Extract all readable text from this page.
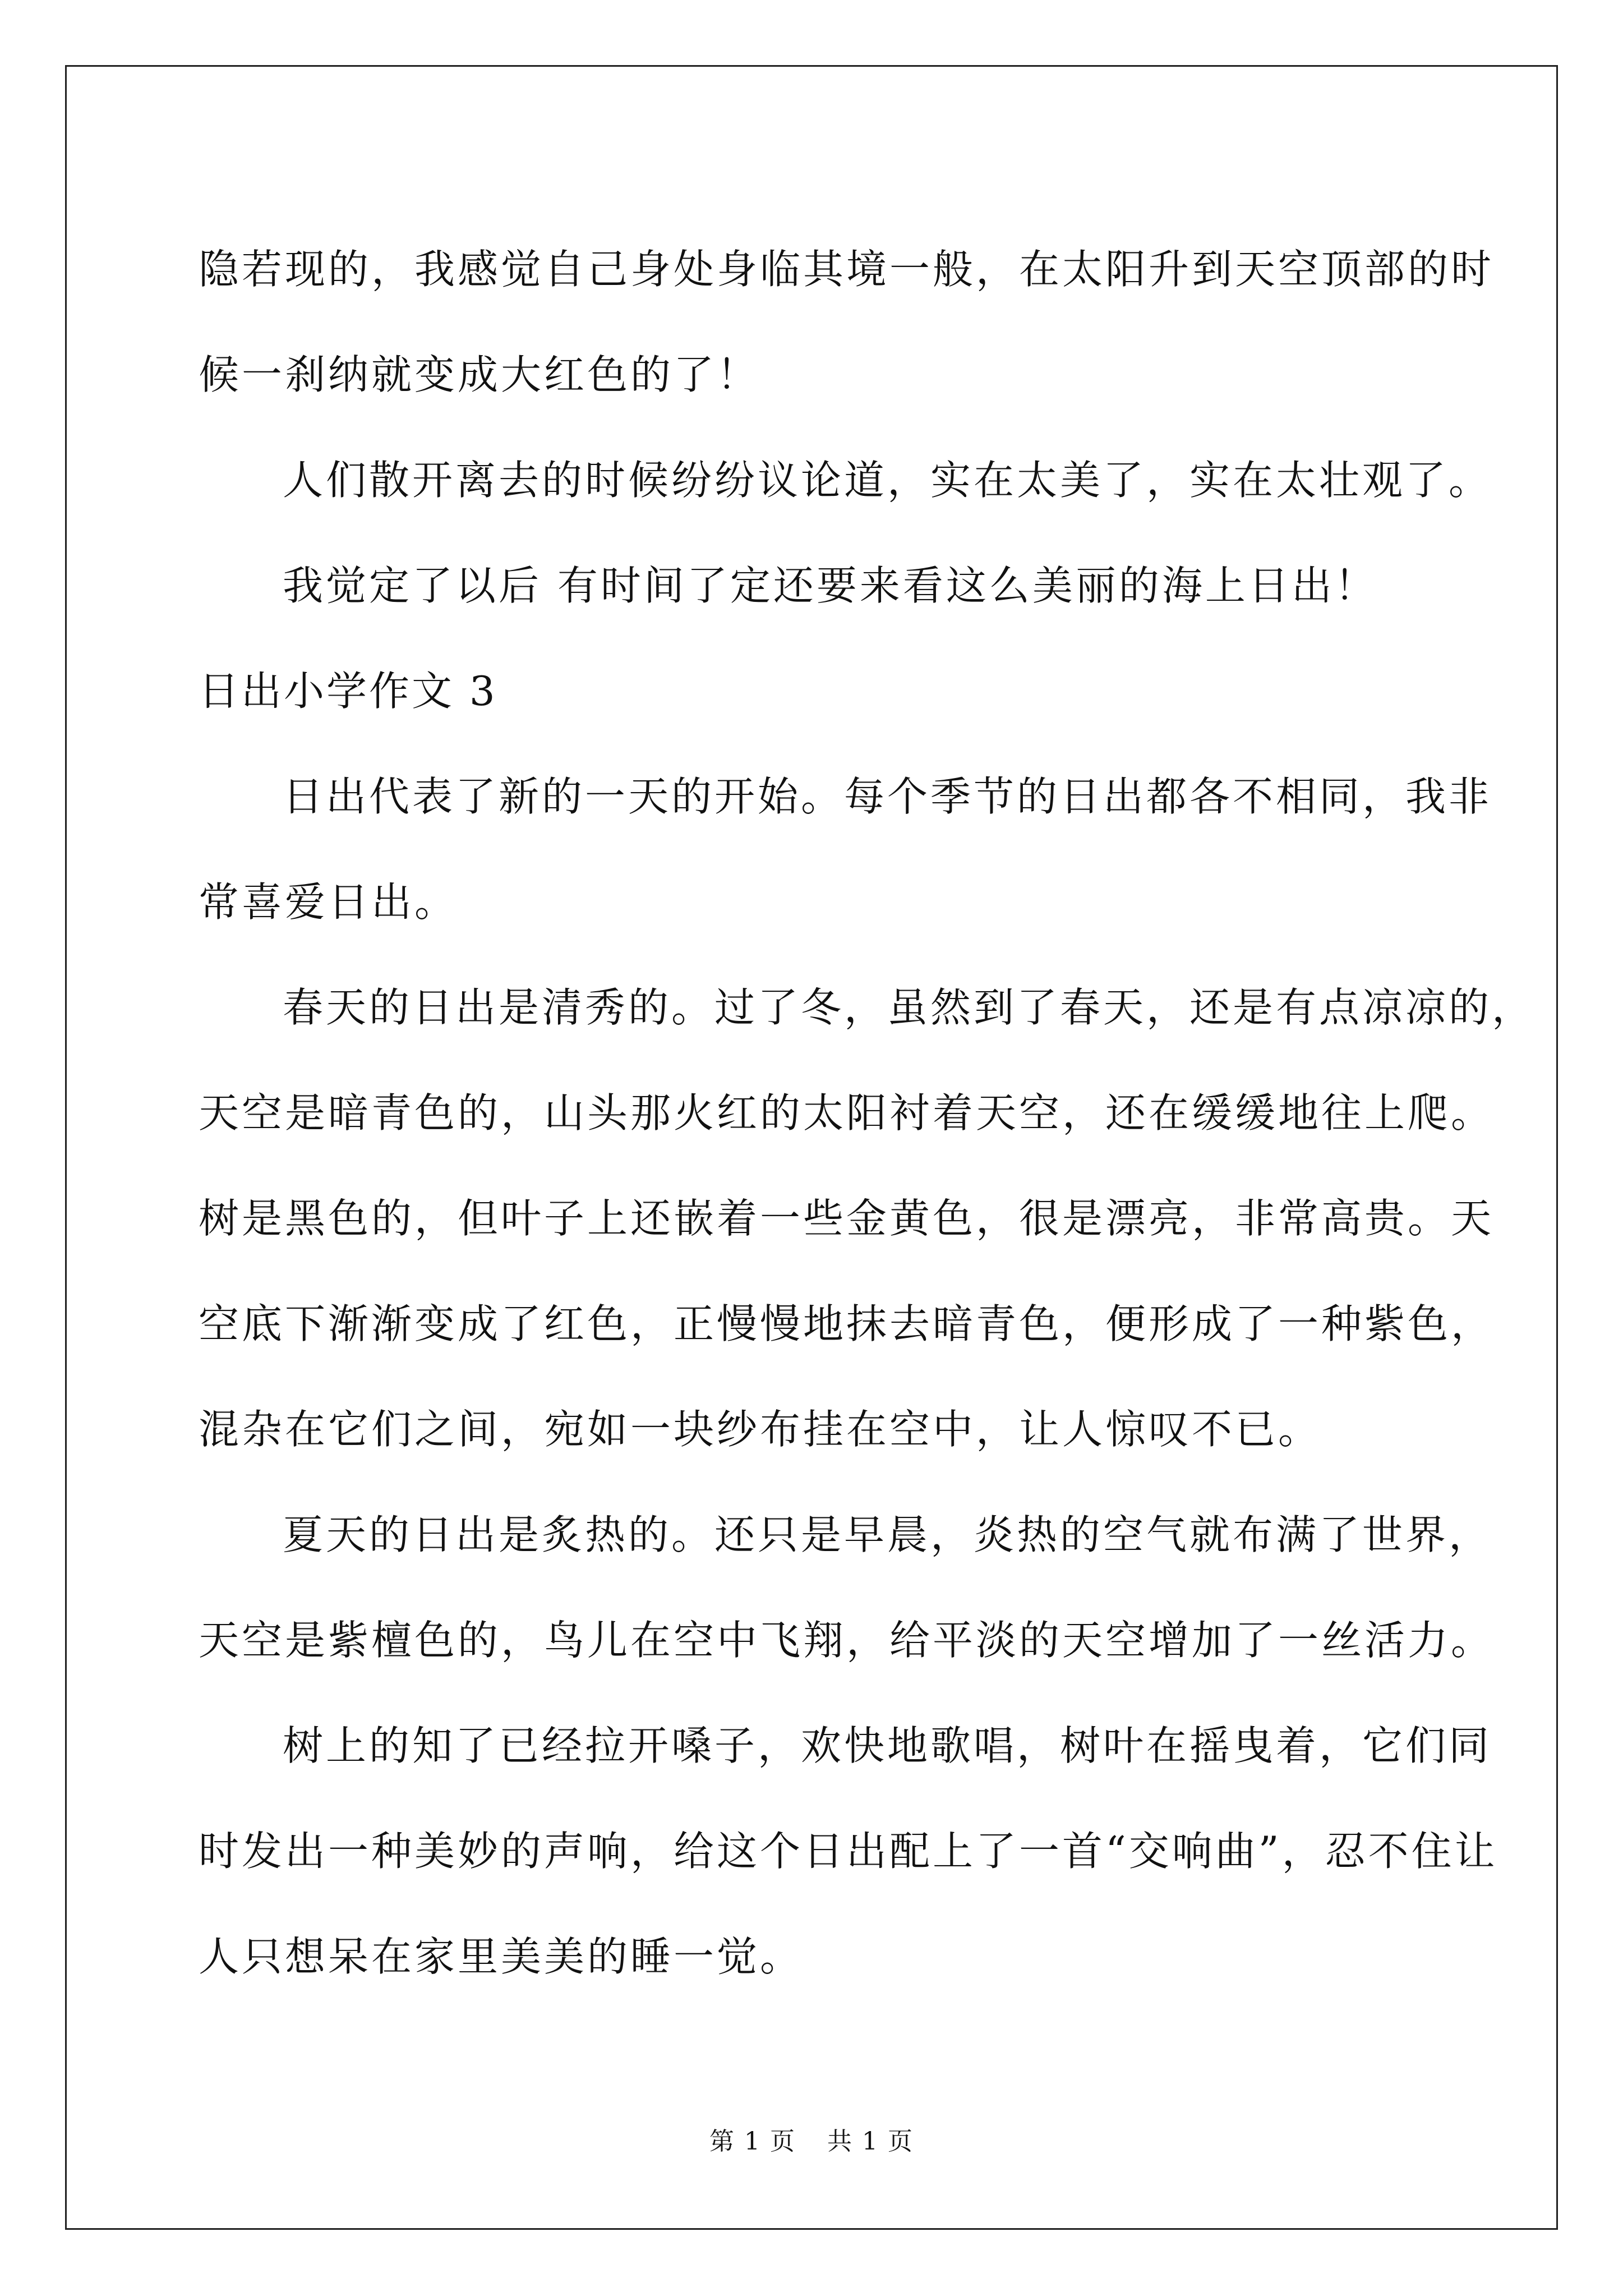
隐若现的，我感觉自己身处身临其境一般，在太阳升到天空顶部的时
候一刹纳就变成大红色的了！
人们散开离去的时候纷纷议论道，实在太美了，实在太壮观了。
我觉定了以后 有时间了定还要来看这么美丽的海上日出！
日出小学作文 3
日出代表了新的一天的开始。每个季节的日出都各不相同，我非
常喜爱日出。
春天的日出是清秀的。过了冬，虽然到了春天，还是有点凉凉的，
天空是暗青色的，山头那火红的太阳衬着天空，还在缓缓地往上爬。
树是黑色的，但叶子上还嵌着一些金黄色，很是漂亮，非常高贵。天
空底下渐渐变成了红色，正慢慢地抹去暗青色，便形成了一种紫色，
混杂在它们之间，宛如一块纱布挂在空中，让人惊叹不已。
夏天的日出是炙热的。还只是早晨，炎热的空气就布满了世界，
天空是紫檀色的，鸟儿在空中飞翔，给平淡的天空增加了一丝活力。
树上的知了已经拉开嗓子，欢快地歌唱，树叶在摇曳着，它们同
时发出一种美妙的声响，给这个日出配上了一首“交响曲”，忍不住让
人只想呆在家里美美的睡一觉。
第 1 页 共 1 页
